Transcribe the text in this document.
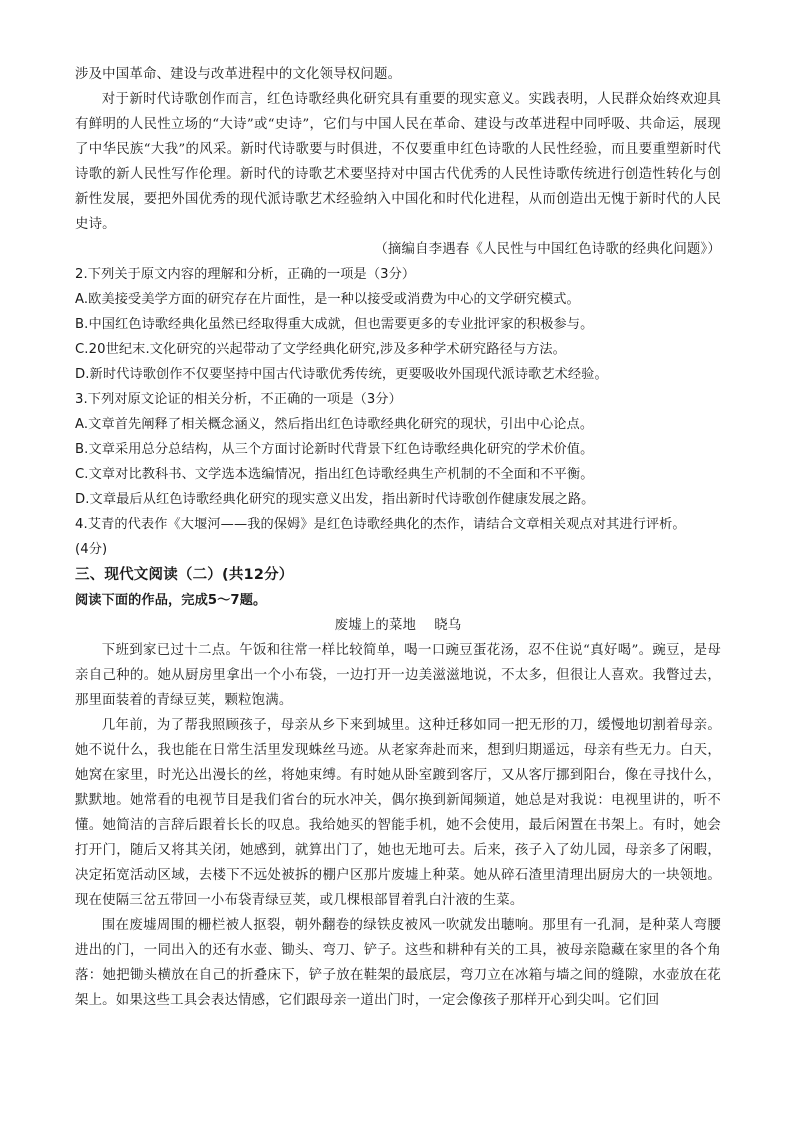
涉及中国革命、建设与改革进程中的文化领导权问题。

对于新时代诗歌创作而言，红色诗歌经典化研究具有重要的现实意义。实践表明，人民群众始终欢迎具有鲜明的人民性立场的“大诗”或“史诗”，它们与中国人民在革命、建设与改革进程中同呼吸、共命运，展现了中华民族“大我”的风采。新时代诗歌要与时俱进，不仅要重申红色诗歌的人民性经验，而且要重塑新时代诗歌的新人民性写作伦理。新时代的诗歌艺术要坚持对中国古代优秀的人民性诗歌传统进行创造性转化与创新性发展，要把外国优秀的现代派诗歌艺术经验纳入中国化和时代化进程，从而创造出无愧于新时代的人民史诗。

（摘编自李遇春《人民性与中国红色诗歌的经典化问题》）

2.下列关于原文内容的理解和分析，正确的一项是（3分）

A.欧美接受美学方面的研究存在片面性，是一种以接受或消费为中心的文学研究模式。

B.中国红色诗歌经典化虽然已经取得重大成就，但也需要更多的专业批评家的积极参与。

C.20世纪末.文化研究的兴起带动了文学经典化研究,涉及多种学术研究路径与方法。

D.新时代诗歌创作不仅要坚持中国古代诗歌优秀传统，更要吸收外国现代派诗歌艺术经验。

3.下列对原文论证的相关分析，不正确的一项是（3分）

A.文章首先阐释了相关概念涵义，然后指出红色诗歌经典化研究的现状，引出中心论点。

B.文章采用总分总结构，从三个方面讨论新时代背景下红色诗歌经典化研究的学术价值。

C.文章对比教科书、文学选本选编情况，指出红色诗歌经典生产机制的不全面和不平衡。

D.文章最后从红色诗歌经典化研究的现实意义出发，指出新时代诗歌创作健康发展之路。

4.艾青的代表作《大堰河——我的保姆》是红色诗歌经典化的杰作，请结合文章相关观点对其进行评析。

(4分)

三、现代文阅读（二）(共12分）

阅读下面的作品，完成5～7题。

废墟上的菜地　 晓乌

下班到家已过十二点。午饭和往常一样比较简单，喝一口豌豆蛋花汤，忍不住说“真好喝”。豌豆，是母亲自己种的。她从厨房里拿出一个小布袋，一边打开一边美滋滋地说，不太多，但很让人喜欢。我瞥过去，那里面装着的青绿豆荚，颗粒饱满。

几年前，为了帮我照顾孩子，母亲从乡下来到城里。这种迁移如同一把无形的刀，缓慢地切割着母亲。她不说什么，我也能在日常生活里发现蛛丝马迹。从老家奔赴而来，想到归期遥远，母亲有些无力。白天，她窝在家里，时光込出漫长的丝，将她束缚。有时她从卧室踱到客厅，又从客厅挪到阳台，像在寻找什么，默默地。她常看的电视节目是我们省台的玩水冲关，偶尔换到新闻频道，她总是对我说：电视里讲的，听不懂。她简洁的言辞后跟着长长的叹息。我给她买的智能手机，她不会使用，最后闲置在书架上。有时，她会打开门，随后又将其关闭，她感到，就算出门了，她也无地可去。后来，孩子入了幼儿园，母亲多了闲暇，决定拓宽活动区域，去楼下不远处被拆的棚户区那片废墟上种菜。她从碎石渣里清理出厨房大的一块领地。现在使隔三岔五带回一小布袋青绿豆荚，或几棵根部冒着乳白汁液的生菜。

围在废墟周围的栅栏被人抠裂，朝外翻卷的绿铁皮被风一吹就发出聴响。那里有一孔洞，是种菜人弯腰进出的门，一同出入的还有水壶、锄头、弯刀、铲子。这些和耕种有关的工具，被母亲隐藏在家里的各个角落：她把锄头横放在自己的折叠床下，铲子放在鞋架的最底层，弯刀立在冰箱与墙之间的缝隙，水壶放在花架上。如果这些工具会表达情感，它们跟母亲一道出门时，一定会像孩子那样开心到尖叫。它们回
